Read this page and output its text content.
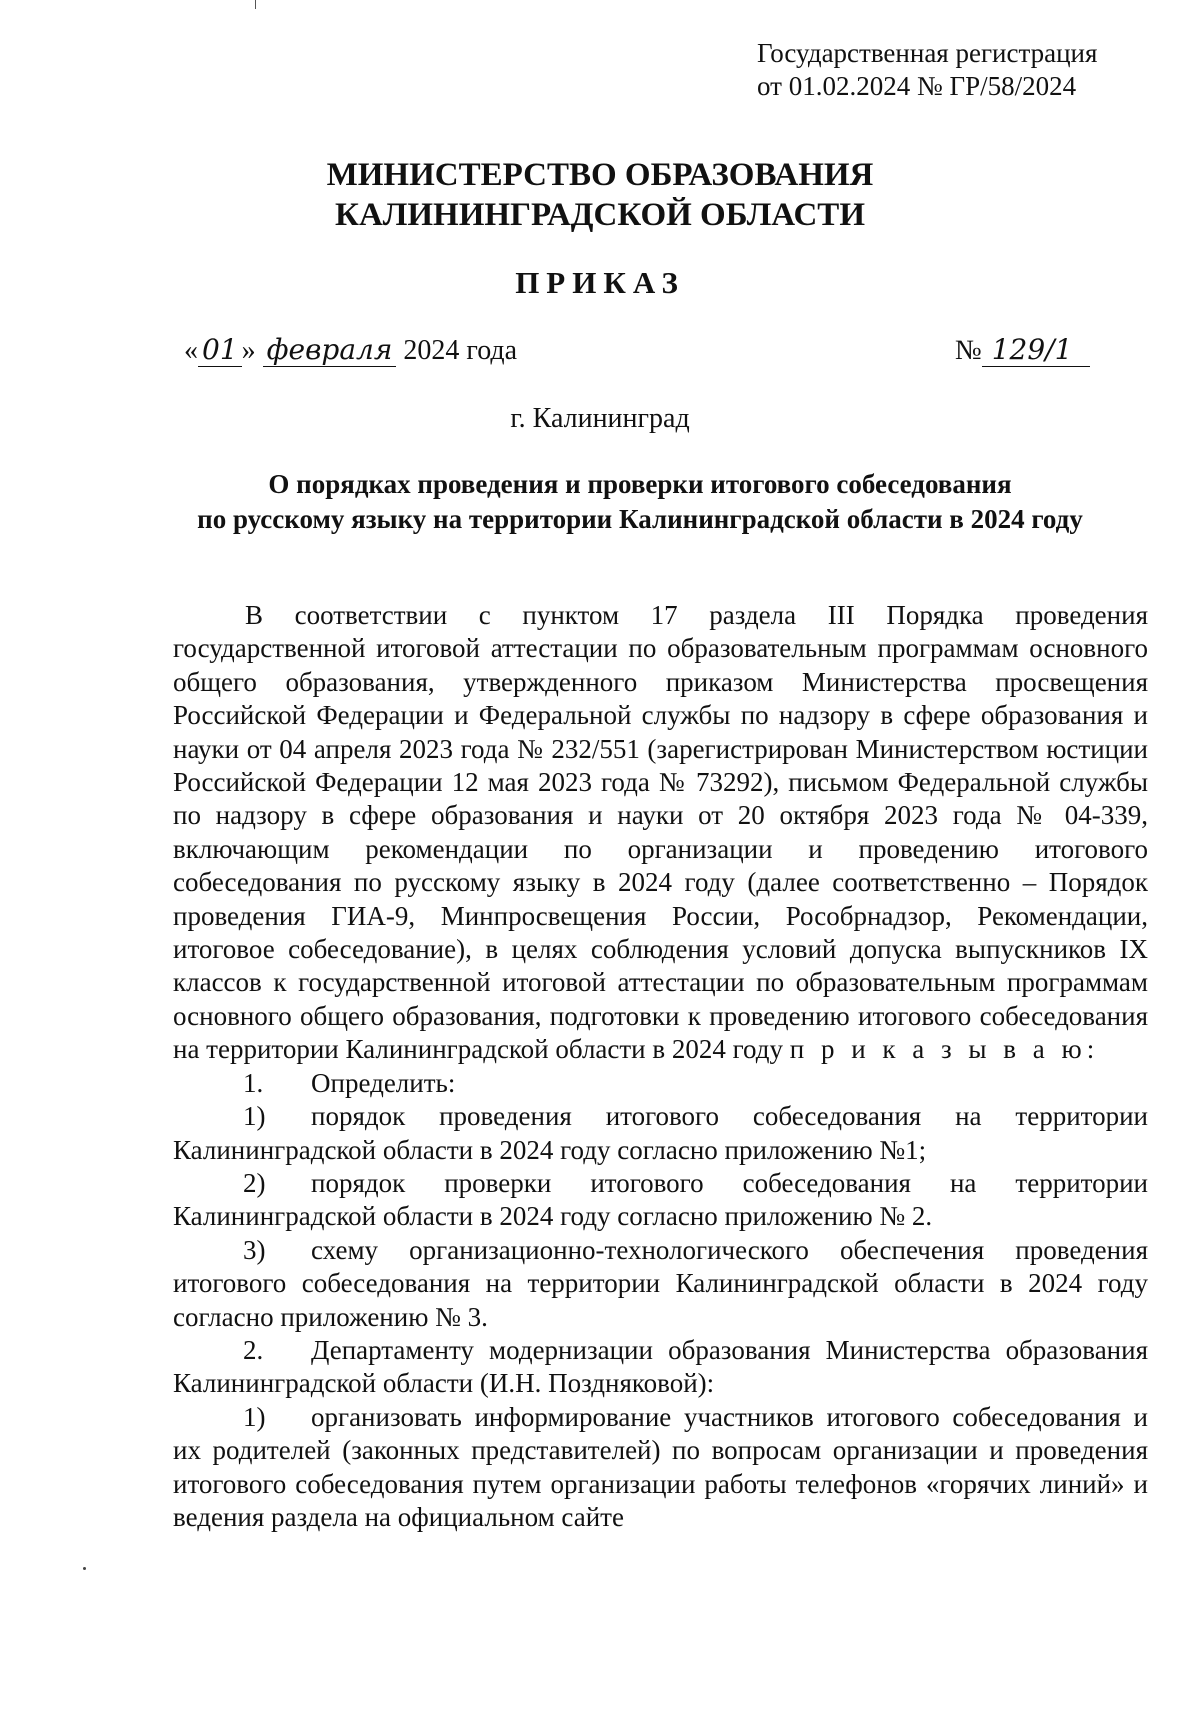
Государственная регистрация
от 01.02.2024 № ГР/58/2024
МИНИСТЕРСТВО ОБРАЗОВАНИЯ
КАЛИНИНГРАДСКОЙ ОБЛАСТИ
ПРИКАЗ
« 01 » февраля 2024 года	№ 129/1
г. Калининград
О порядках проведения и проверки итогового собеседования
по русскому языку на территории Калининградской области в 2024 году

В соответствии с пунктом 17 раздела III Порядка проведения государственной итоговой аттестации по образовательным программам основного общего образования, утвержденного приказом Министерства просвещения Российской Федерации и Федеральной службы по надзору в сфере образования и науки от 04 апреля 2023 года № 232/551 (зарегистрирован Министерством юстиции Российской Федерации 12 мая 2023 года № 73292), письмом Федеральной службы по надзору в сфере образования и науки от 20 октября 2023 года № 04-339, включающим рекомендации по организации и проведению итогового собеседования по русскому языку в 2024 году (далее соответственно – Порядок проведения ГИА-9, Минпросвещения России, Рособрнадзор, Рекомендации, итоговое собеседование), в целях соблюдения условий допуска выпускников IX классов к государственной итоговой аттестации по образовательным программам основного общего образования, подготовки к проведению итогового собеседования на территории Калининградской области в 2024 году п р и к а з ы в а ю:

1. Определить:

1) порядок проведения итогового собеседования на территории Калининградской области в 2024 году согласно приложению №1;

2) порядок проверки итогового собеседования на территории Калининградской области в 2024 году согласно приложению № 2.

3) схему организационно-технологического обеспечения проведения итогового собеседования на территории Калининградской области в 2024 году согласно приложению № 3.

2. Департаменту модернизации образования Министерства образования Калининградской области (И.Н. Поздняковой):

1) организовать информирование участников итогового собеседования и их родителей (законных представителей) по вопросам организации и проведения итогового собеседования путем организации работы телефонов «горячих линий» и ведения раздела на официальном сайте
